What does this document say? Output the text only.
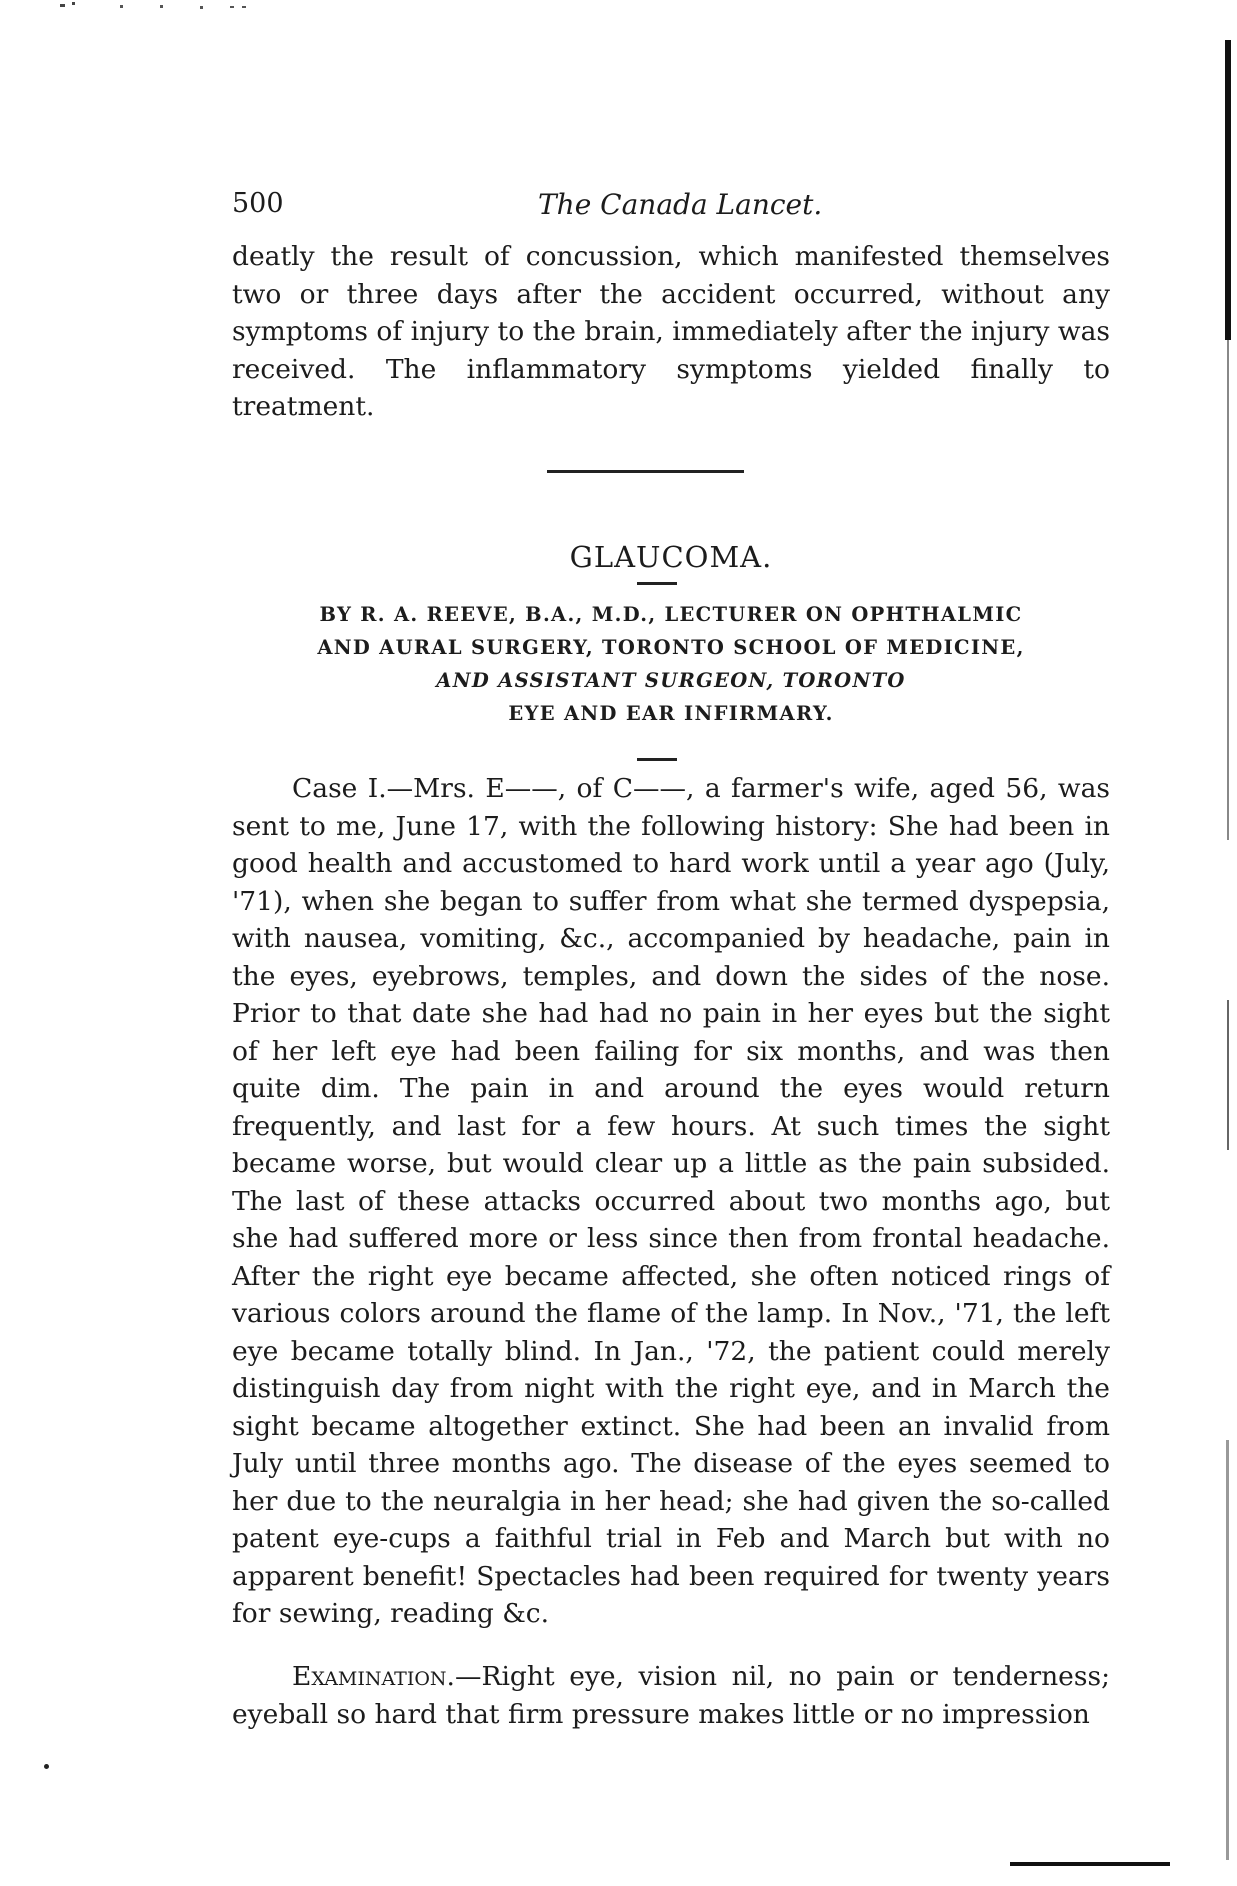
500	The Canada Lancet.
deatly the result of concussion, which manifested themselves two or three days after the accident occurred, without any symptoms of injury to the brain, immediately after the injury was received. The inflammatory symptoms yielded finally to treatment.
GLAUCOMA.
BY R. A. REEVE, B.A., M.D., LECTURER ON OPHTHALMIC
AND AURAL SURGERY, TORONTO SCHOOL OF MEDICINE,
AND ASSISTANT SURGEON, TORONTO
EYE AND EAR INFIRMARY.
Case I.—Mrs. E——, of C——, a farmer's wife, aged 56, was sent to me, June 17, with the following history: She had been in good health and accustomed to hard work until a year ago (July, '71), when she began to suffer from what she termed dyspepsia, with nausea, vomiting, &c., accompanied by headache, pain in the eyes, eyebrows, temples, and down the sides of the nose. Prior to that date she had had no pain in her eyes but the sight of her left eye had been failing for six months, and was then quite dim. The pain in and around the eyes would return frequently, and last for a few hours. At such times the sight became worse, but would clear up a little as the pain subsided. The last of these attacks occurred about two months ago, but she had suffered more or less since then from frontal headache. After the right eye became affected, she often noticed rings of various colors around the flame of the lamp. In Nov., '71, the left eye became totally blind. In Jan., '72, the patient could merely distinguish day from night with the right eye, and in March the sight became altogether extinct. She had been an invalid from July until three months ago. The disease of the eyes seemed to her due to the neuralgia in her head; she had given the so-called patent eye-cups a faithful trial in Feb and March but with no apparent benefit! Spectacles had been required for twenty years for sewing, reading &c.
Examination.—Right eye, vision nil, no pain or tenderness; eyeball so hard that firm pressure makes little or no impression
